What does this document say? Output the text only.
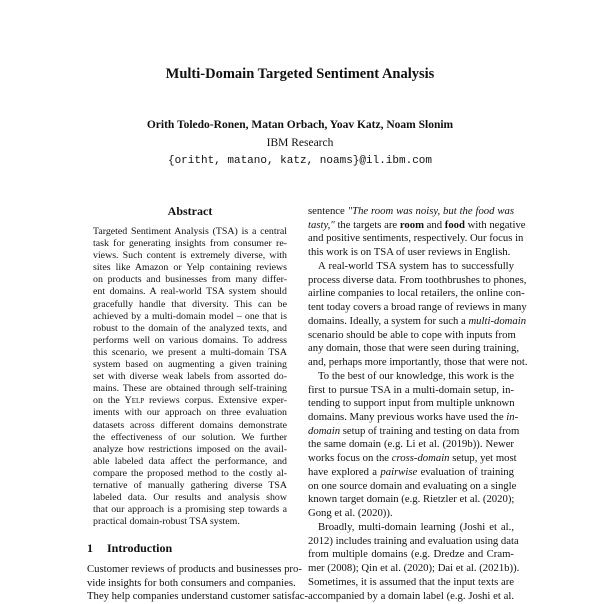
Multi-Domain Targeted Sentiment Analysis
Orith Toledo-Ronen, Matan Orbach, Yoav Katz, Noam Slonim
IBM Research
{oritht, matano, katz, noams}@il.ibm.com
Abstract
Targeted Sentiment Analysis (TSA) is a central
task for generating insights from consumer re-
views. Such content is extremely diverse, with
sites like Amazon or Yelp containing reviews
on products and businesses from many differ-
ent domains. A real-world TSA system should
gracefully handle that diversity. This can be
achieved by a multi-domain model – one that is
robust to the domain of the analyzed texts, and
performs well on various domains. To address
this scenario, we present a multi-domain TSA
system based on augmenting a given training
set with diverse weak labels from assorted do-
mains. These are obtained through self-training
on the Yelp reviews corpus. Extensive exper-
iments with our approach on three evaluation
datasets across different domains demonstrate
the effectiveness of our solution. We further
analyze how restrictions imposed on the avail-
able labeled data affect the performance, and
compare the proposed method to the costly al-
ternative of manually gathering diverse TSA
labeled data. Our results and analysis show
that our approach is a promising step towards a
practical domain-robust TSA system.
1 Introduction
Customer reviews of products and businesses pro-
vide insights for both consumers and companies.
They help companies understand customer satisfac-
sentence "The room was noisy, but the food was
tasty," the targets are room and food with negative
and positive sentiments, respectively. Our focus in
this work is on TSA of user reviews in English.
A real-world TSA system has to successfully
process diverse data. From toothbrushes to phones,
airline companies to local retailers, the online con-
tent today covers a broad range of reviews in many
domains. Ideally, a system for such a multi-domain
scenario should be able to cope with inputs from
any domain, those that were seen during training,
and, perhaps more importantly, those that were not.
To the best of our knowledge, this work is the
first to pursue TSA in a multi-domain setup, in-
tending to support input from multiple unknown
domains. Many previous works have used the in-
domain setup of training and testing on data from
the same domain (e.g. Li et al. (2019b)). Newer
works focus on the cross-domain setup, yet most
have explored a pairwise evaluation of training
on one source domain and evaluating on a single
known target domain (e.g. Rietzler et al. (2020);
Gong et al. (2020)).
Broadly, multi-domain learning (Joshi et al.,
2012) includes training and evaluation using data
from multiple domains (e.g. Dredze and Cram-
mer (2008); Qin et al. (2020); Dai et al. (2021b)).
Sometimes, it is assumed that the input texts are
accompanied by a domain label (e.g. Joshi et al.
